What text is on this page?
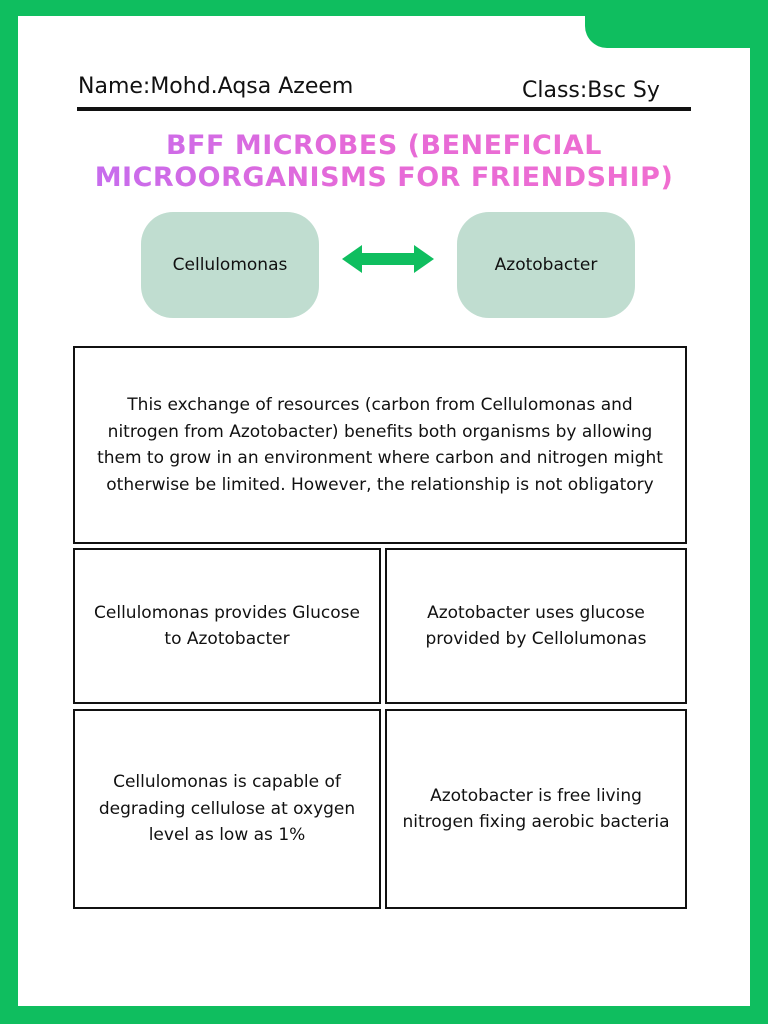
Name:Mohd.Aqsa Azeem	Class:Bsc Sy
BFF MICROBES (BENEFICIAL MICROORGANISMS FOR FRIENDSHIP)
Cellulomonas	Azotobacter
This exchange of resources (carbon from Cellulomonas and nitrogen from Azotobacter) benefits both organisms by allowing them to grow in an environment where carbon and nitrogen might otherwise be limited. However, the relationship is not obligatory
Cellulomonas provides Glucose to Azotobacter
Azotobacter uses glucose provided by Cellolumonas
Cellulomonas is capable of degrading cellulose at oxygen level as low as 1%
Azotobacter is free living nitrogen fixing aerobic bacteria
